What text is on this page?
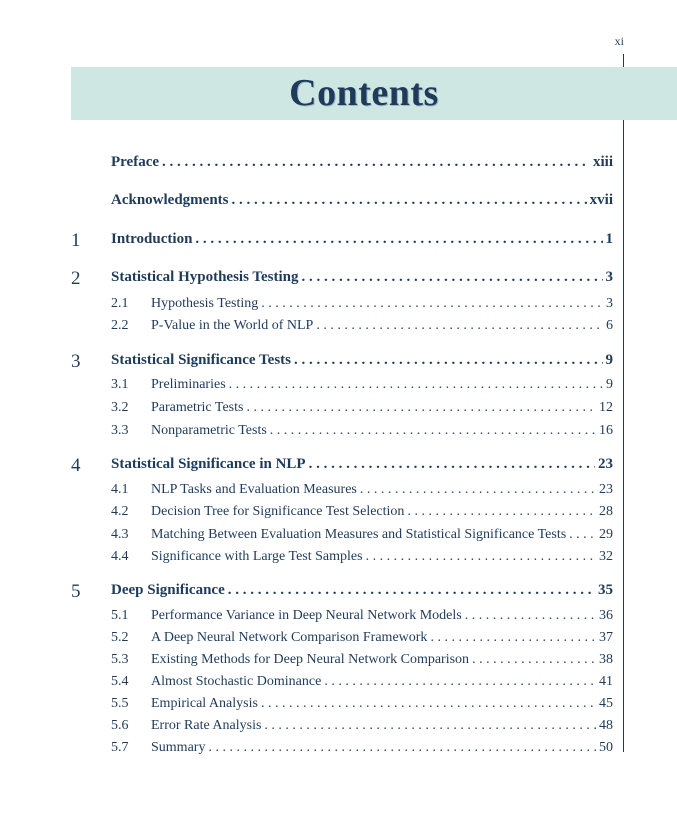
xi
Contents
Preface . . .	xiii
Acknowledgments . . .	xvii
1 Introduction . . .	1
2 Statistical Hypothesis Testing . . .	3
2.1 Hypothesis Testing . . .	3
2.2 P-Value in the World of NLP . . .	6
3 Statistical Significance Tests . . .	9
3.1 Preliminaries . . .	9
3.2 Parametric Tests . . .	12
3.3 Nonparametric Tests . . .	16
4 Statistical Significance in NLP . . .	23
4.1 NLP Tasks and Evaluation Measures . . .	23
4.2 Decision Tree for Significance Test Selection . . .	28
4.3 Matching Between Evaluation Measures and Statistical Significance Tests . . . 29
4.4 Significance with Large Test Samples . . .	32
5 Deep Significance . . .	35
5.1 Performance Variance in Deep Neural Network Models . . .	36
5.2 A Deep Neural Network Comparison Framework . . .	37
5.3 Existing Methods for Deep Neural Network Comparison . . .	38
5.4 Almost Stochastic Dominance . . .	41
5.5 Empirical Analysis . . .	45
5.6 Error Rate Analysis . . .	48
5.7 Summary . . .	50
